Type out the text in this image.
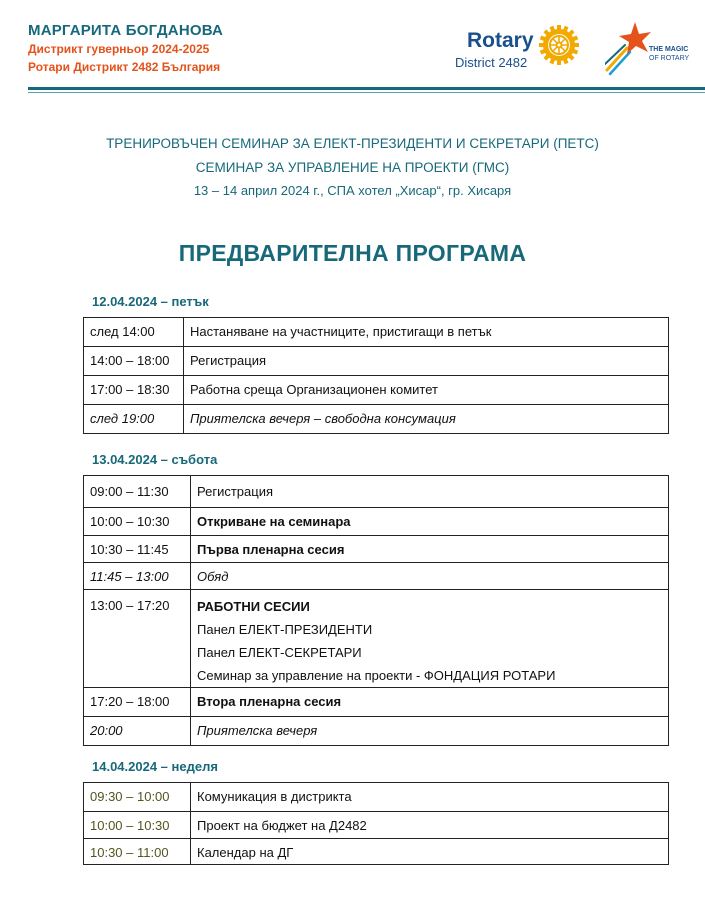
МАРГАРИТА БОГДАНОВА
Дистрикт гуверньор 2024-2025
Ротари Дистрикт 2482 България
Rotary
District 2482
THE MAGIC
OF ROTARY
ТРЕНИРОВЪЧЕН СЕМИНАР ЗА ЕЛЕКТ-ПРЕЗИДЕНТИ И СЕКРЕТАРИ (ПЕТС)
СЕМИНАР ЗА УПРАВЛЕНИЕ НА ПРОЕКТИ (ГМС)
13 – 14 април 2024 г., СПА хотел „Хисар“, гр. Хисаря
ПРЕДВАРИТЕЛНА ПРОГРАМА
12.04.2024 – петък
след 14:00	Настаняване на участниците, пристигащи в петък
14:00 – 18:00	Регистрация
17:00 – 18:30	Работна среща Организационен комитет
след 19:00	Приятелска вечеря – свободна консумация
13.04.2024 – събота
09:00 – 11:30	Регистрация
10:00 – 10:30	Откриване на семинара
10:30 – 11:45	Първа пленарна сесия
11:45 – 13:00	Обяд
13:00 – 17:20	РАБОТНИ СЕСИИ
Панел ЕЛЕКТ-ПРЕЗИДЕНТИ
Панел ЕЛЕКТ-СЕКРЕТАРИ
Семинар за управление на проекти - ФОНДАЦИЯ РОТАРИ

17:20 – 18:00	Втора пленарна сесия
20:00	Приятелска вечеря
14.04.2024 – неделя
09:30 – 10:00	Комуникация в дистрикта
10:00 – 10:30	Проект на бюджет на Д2482
10:30 – 11:00	Календар на ДГ
